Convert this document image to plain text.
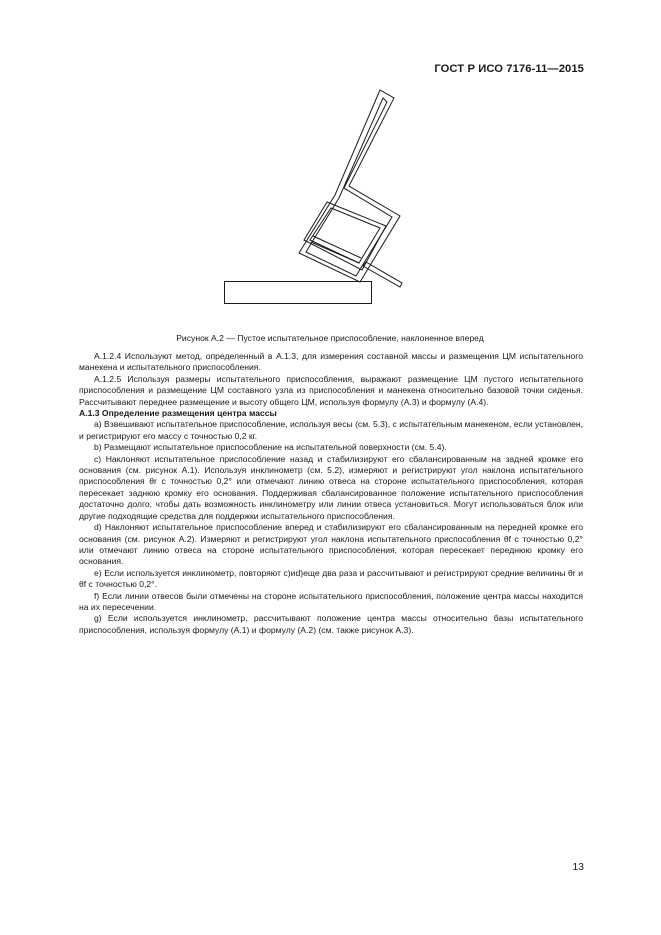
ГОСТ Р ИСО 7176-11—2015
Рисунок А.2 — Пустое испытательное приспособление, наклоненное вперед

А.1.2.4 Используют метод, определенный в А.1.3, для измерения составной массы и размещения ЦМ испытательного манекена и испытательного приспособления.

А.1.2.5 Используя размеры испытательного приспособления, выражают размещение ЦМ пустого испытательного приспособления и размещение ЦМ составного узла из приспособления и манекена относительно базовой точки сиденья. Рассчитывают переднее размещение и высоту общего ЦМ, используя формулу (А.3) и формулу (А.4).

А.1.3 Определение размещения центра массы

a) Взвешивают испытательное приспособление, используя весы (см. 5.3), с испытательным манекеном, если установлен, и регистрируют его массу с точностью 0,2 кг.

b) Размещают испытательное приспособление на испытательной поверхности (см. 5.4).

c) Наклоняют испытательное приспособление назад и стабилизируют его сбалансированным на задней кромке его основания (см. рисунок А.1). Используя инклинометр (см. 5.2), измеряют и регистрируют угол наклона испытательного приспособления θr с точностью 0,2° или отмечают линию отвеса на стороне испытательного приспособления, которая пересекает заднюю кромку его основания. Поддерживая сбалансированное положение испытательного приспособления достаточно долго, чтобы дать возможность инклинометру или линии отвеса установиться. Могут использоваться блок или другие подходящие средства для поддержки испытательного приспособления.

d) Наклоняют испытательное приспособление вперед и стабилизируют его сбалансированным на передней кромке его основания (см. рисунок А.2). Измеряют и регистрируют угол наклона испытательного приспособления θf с точностью 0,2° или отмечают линию отвеса на стороне испытательного приспособления, которая пересекает переднюю кромку его основания.

e) Если используется инклинометр, повторяют c)иd)еще два раза и рассчитывают и регистрируют средние величины θr и θf с точностью 0,2°.

f) Если линии отвесов были отмечены на стороне испытательного приспособления, положение центра массы находится на их пересечении.

g) Если используется инклинометр, рассчитывают положение центра массы относительно базы испытательного приспособления, используя формулу (А.1) и формулу (А.2) (см. также рисунок А.3).

13
